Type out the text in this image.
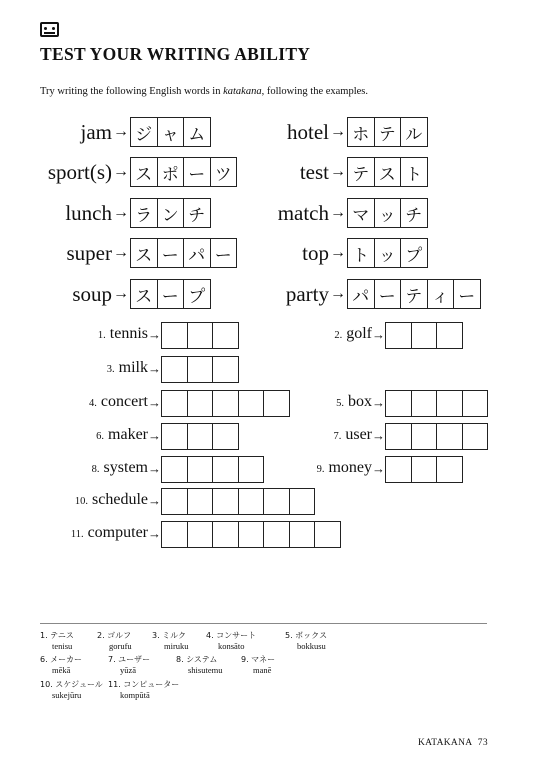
TEST YOUR WRITING ABILITY
Try writing the following English words in katakana, following the examples.
jam → ジ ャ ム	hotel → ホ テ ル
sport(s) → ス ポ ー ツ	test → テ ス ト
lunch → ラ ン チ	match → マ ッ チ
super → ス ー パ ー	top → ト ッ プ
soup → ス ー プ	party → パ ー テ ィ ー
1. tennis →	2. golf →
3. milk →
4. concert →	5. box →
6. maker →	7. user →
8. system →	9. money →
10. schedule →
11. computer →
1. テニス
tenisu
2. ゴルフ
gorufu
3. ミルク
miruku
4. コンサート
konsāto
5. ボックス
bokkusu
6. メーカー
mēkā
7. ユーザー
yūzā
8. システム
shisutemu
9. マネー
manē
10. スケジュール
sukejūru
11. コンピューター
kompūtā
KATAKANA 73
